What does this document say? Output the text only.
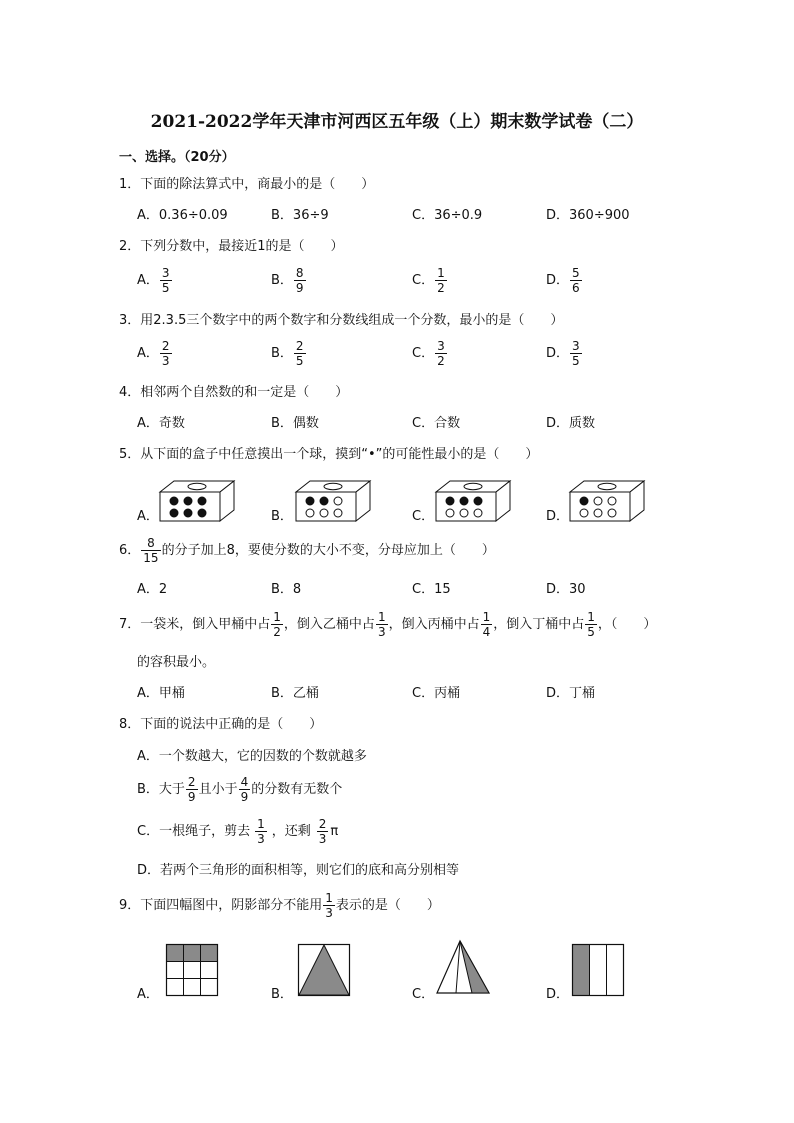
2021-2022学年天津市河西区五年级（上）期末数学试卷（二）
一、选择。（20分）
1．下面的除法算式中，商最小的是（　　）
A．0.36÷0.09	B．36÷9	C．36÷0.9	D．360÷900
2．下列分数中，最接近1的是（　　）
A． $\frac{3}{5}$	B． $\frac{8}{9}$	C． $\frac{1}{2}$	D． $\frac{5}{6}$
3．用2.3.5三个数字中的两个数字和分数线组成一个分数，最小的是（　　）
A． $\frac{2}{3}$	B． $\frac{2}{5}$	C． $\frac{3}{2}$	D． $\frac{3}{5}$
4．相邻两个自然数的和一定是（　　）
A．奇数	B．偶数	C．合数	D．质数
5．从下面的盒子中任意摸出一个球，摸到“•”的可能性最小的是（　　）
A．	B．	C．	D．
6． $\frac{8}{15}$ 的分子加上8，要使分数的大小不变，分母应加上（　　）
A．2	B．8	C．15	D．30
7．一袋米，倒入甲桶中占 $\frac{1}{2}$ ，倒入乙桶中占 $\frac{1}{3}$ ，倒入丙桶中占 $\frac{1}{4}$ ，倒入丁桶中占 $\frac{1}{5}$ ，（　　）
的容积最小。
A．甲桶	B．乙桶	C．丙桶	D．丁桶
8．下面的说法中正确的是（　　）
A．一个数越大，它的因数的个数就越多
B．大于 $\frac{2}{9}$ 且小于 $\frac{4}{9}$ 的分数有无数个
C．一根绳子，剪去 $\frac{1}{3}$ ，还剩 $\frac{2}{3}$ π
D．若两个三角形的面积相等，则它们的底和高分别相等
9．下面四幅图中，阴影部分不能用 $\frac{1}{3}$ 表示的是（　　）
A．	B．	C．	D．
